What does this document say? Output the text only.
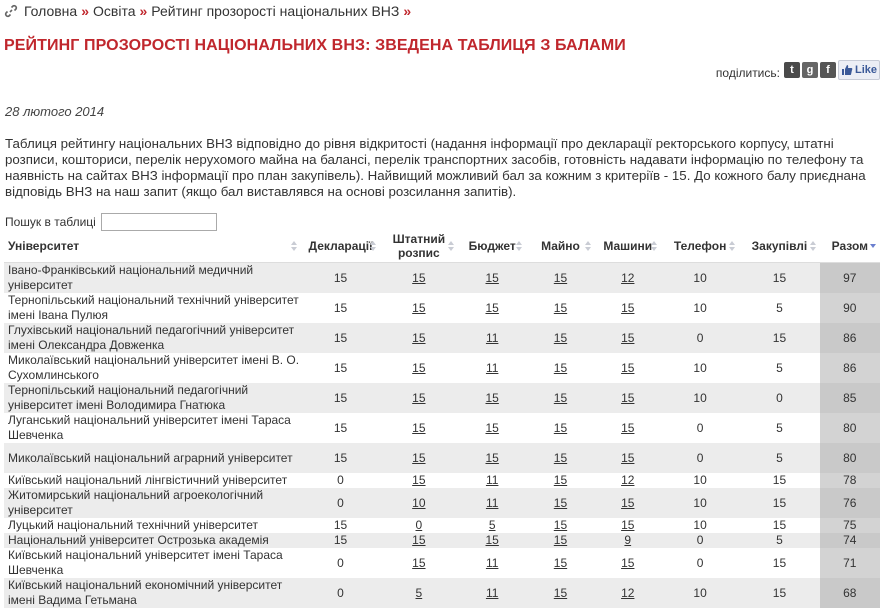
Головна » Освіта » Рейтинг прозорості національних ВНЗ »
РЕЙТИНГ ПРОЗОРОСТІ НАЦІОНАЛЬНИХ ВНЗ: ЗВЕДЕНА ТАБЛИЦЯ З БАЛАМИ
поділитись: t g f Like
28 лютого 2014

Таблиця рейтингу національних ВНЗ відповідно до рівня відкритості (надання інформації про декларації ректорського корпусу, штатні розписи, кошториси, перелік нерухомого майна на балансі, перелік транспортних засобів, готовність надавати інформацію по телефону та наявність на сайтах ВНЗ інформації про план закупівель). Найвищий можливий бал за кожним з критеріїв - 15. До кожного балу приєднана відповідь ВНЗ на наш запит (якщо бал виставлявся на основі розсилання запитів).

Пошук в таблиці
Університет	Декларації	Штатний
розпис	Бюджет	Майно	Машини	Телефон	Закупівлі	Разом

Івано-Франківський національний медичний університет	15	15	15	15	12	10	15	97
Тернопільський національний технічний університет імені Івана Пулюя	15	15	15	15	15	10	5	90
Глухівський національний педагогічний університет імені Олександра Довженка	15	15	11	15	15	0	15	86
Миколаївський національний університет імені В. О. Сухомлинського	15	15	11	15	15	10	5	86
Тернопільський національний педагогічний університет імені Володимира Гнатюка	15	15	15	15	15	10	0	85
Луганський національний університет імені Тараса Шевченка	15	15	15	15	15	0	5	80
Миколаївський національний аграрний університет	15	15	15	15	15	0	5	80
Київський національний лінгвістичний університет	0	15	11	15	12	10	15	78
Житомирський національний агроекологічний університет	0	10	11	15	15	10	15	76
Луцький національний технічний університет	15	0	5	15	15	10	15	75
Національний університет Острозька академія	15	15	15	15	9	0	5	74
Київський національний університет імені Тараса Шевченка	0	15	11	15	15	0	15	71
Київський національний економічний університет імені Вадима Гетьмана	0	5	11	15	12	10	15	68
